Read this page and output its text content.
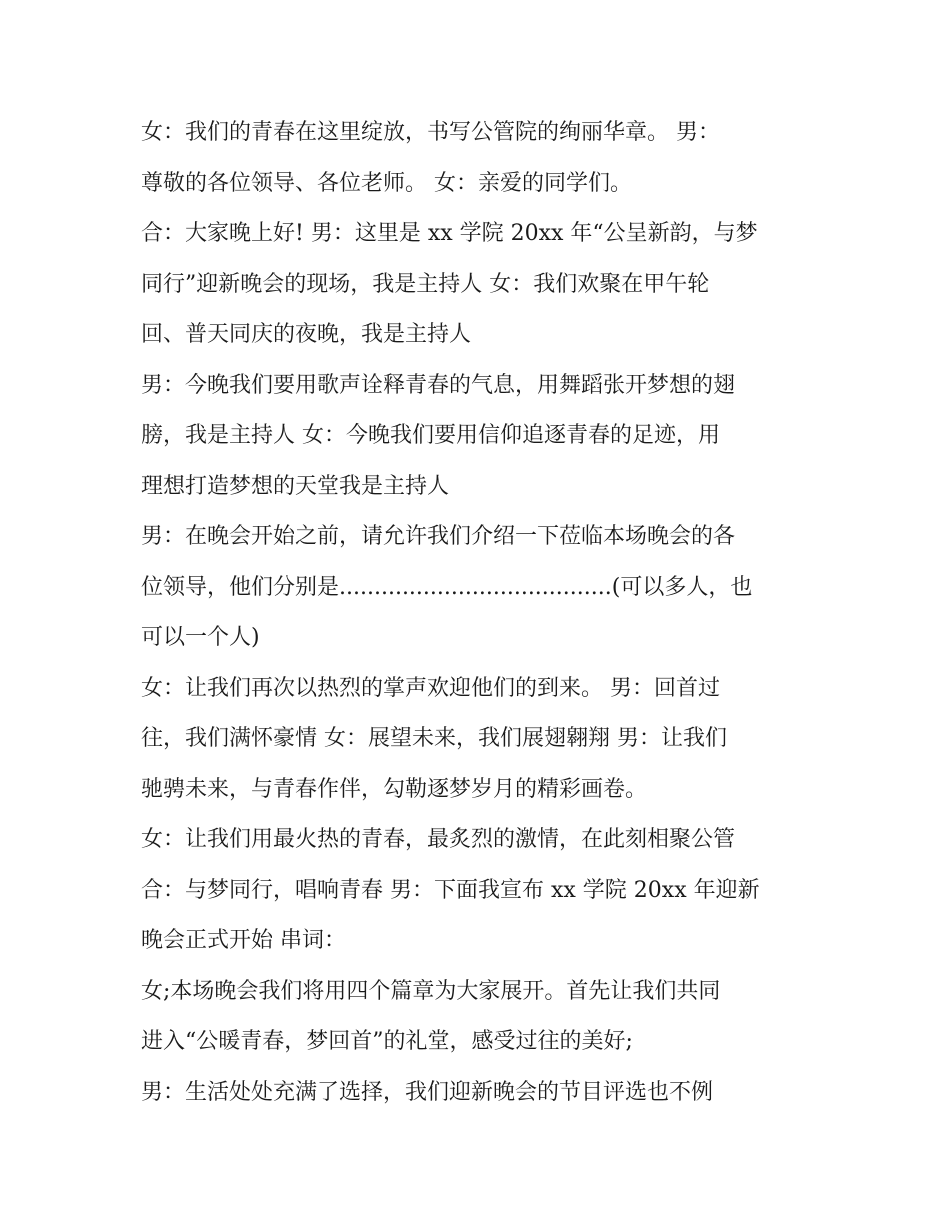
女：我们的青春在这里绽放，书写公管院的绚丽华章。 男：
尊敬的各位领导、各位老师。 女：亲爱的同学们。
合：大家晚上好! 男：这里是 xx 学院 20xx 年“公呈新韵，与梦
同行”迎新晚会的现场，我是主持人 女：我们欢聚在甲午轮
回、普天同庆的夜晚，我是主持人
男：今晚我们要用歌声诠释青春的气息，用舞蹈张开梦想的翅
膀，我是主持人 女：今晚我们要用信仰追逐青春的足迹，用
理想打造梦想的天堂我是主持人
男：在晚会开始之前，请允许我们介绍一下莅临本场晚会的各
位领导，他们分别是.......................................(可以多人，也
可以一个人)
女：让我们再次以热烈的掌声欢迎他们的到来。 男：回首过
往，我们满怀豪情 女：展望未来，我们展翅翱翔 男：让我们
驰骋未来，与青春作伴，勾勒逐梦岁月的精彩画卷。
女：让我们用最火热的青春，最炙烈的激情，在此刻相聚公管
合：与梦同行，唱响青春 男：下面我宣布 xx 学院 20xx 年迎新
晚会正式开始 串词：
女;本场晚会我们将用四个篇章为大家展开。首先让我们共同
进入“公暖青春，梦回首”的礼堂，感受过往的美好;
男：生活处处充满了选择，我们迎新晚会的节目评选也不例
